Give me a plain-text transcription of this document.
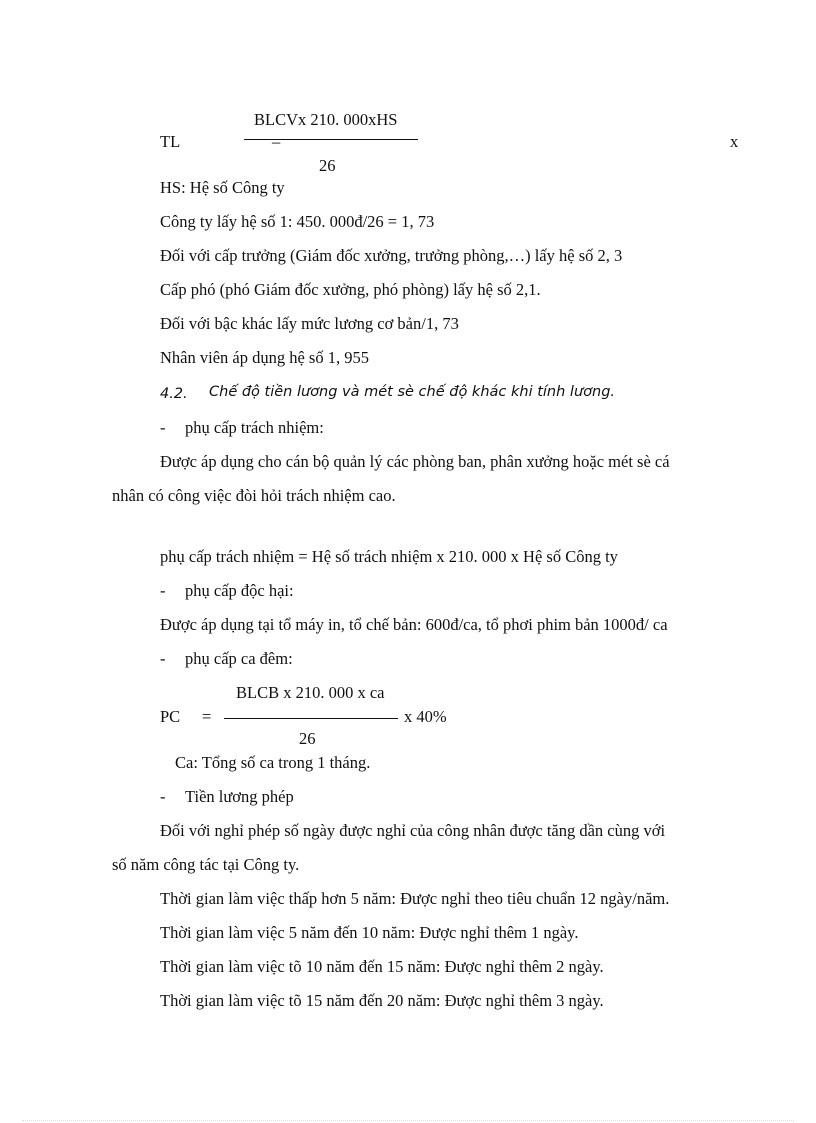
BLCVx 210. 000xHS
TL	–	x
26
HS: Hệ số Công ty
Công ty lấy hệ số 1: 450. 000đ/26 = 1, 73
Đối với cấp trưởng (Giám đốc xưởng, trưởng phòng,…) lấy hệ số 2, 3
Cấp phó (phó Giám đốc xưởng, phó phòng) lấy hệ số 2,1.
Đối với bậc khác lấy mức lương cơ bản/1, 73
Nhân viên áp dụng hệ số 1, 955
4.2. Chế độ tiền lương và mét sè chế độ khác khi tính lương.
- phụ cấp trách nhiệm:
Được áp dụng cho cán bộ quản lý các phòng ban, phân xưởng hoặc mét sè cá
nhân có công việc đòi hỏi trách nhiệm cao.
phụ cấp trách nhiệm = Hệ số trách nhiệm x 210. 000 x Hệ số Công ty
- phụ cấp độc hại:
Được áp dụng tại tổ máy in, tổ chế bản: 600đ/ca, tổ phơi phim bản 1000đ/ ca
- phụ cấp ca đêm:
BLCB x 210. 000 x ca
PC =	x 40%
26
Ca: Tổng số ca trong 1 tháng.
- Tiền lương phép
Đối với nghỉ phép số ngày được nghỉ của công nhân được tăng dần cùng với
số năm công tác tại Công ty.
Thời gian làm việc thấp hơn 5 năm: Được nghỉ theo tiêu chuẩn 12 ngày/năm.
Thời gian làm việc 5 năm đến 10 năm: Được nghỉ thêm 1 ngày.
Thời gian làm việc tõ 10 năm đến 15 năm: Được nghỉ thêm 2 ngày.
Thời gian làm việc tõ 15 năm đến 20 năm: Được nghỉ thêm 3 ngày.
